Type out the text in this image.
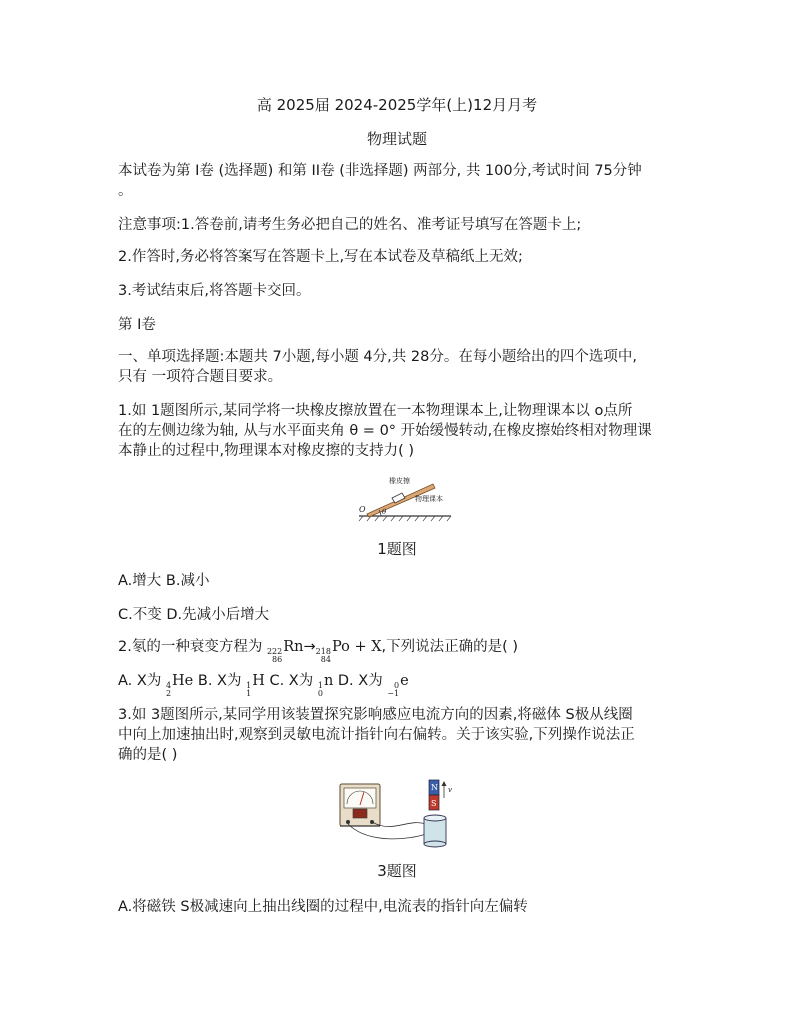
高 2025届 2024-2025学年(上)12月月考
物理试题
本试卷为第 I卷 (选择题) 和第 II卷 (非选择题) 两部分, 共 100分,考试时间 75分钟
。
注意事项:1.答卷前,请考生务必把自己的姓名、准考证号填写在答题卡上;
2.作答时,务必将答案写在答题卡上,写在本试卷及草稿纸上无效;
3.考试结束后,将答题卡交回。
第 I卷
一、单项选择题:本题共 7小题,每小题 4分,共 28分。在每小题给出的四个选项中,
只有 一项符合题目要求。
1.如 1题图所示,某同学将一块橡皮擦放置在一本物理课本上,让物理课本以 o点所
在的左侧边缘为轴, 从与水平面夹角 θ = 0° 开始缓慢转动,在橡皮擦始终相对物理课
本静止的过程中,物理课本对橡皮擦的支持力( )
O θ
橡皮擦
物理课本
1题图
A.增大 B.减小
C.不变 D.先减小后增大
2.氡的一种衰变方程为 222
86
Rn→ 218
84
Po + X,下列说法正确的是( )
A. X为 4
2
He B. X为 1
1
H C. X为 1
0
n D. X为 0
−1
e
3.如 3题图所示,某同学用该装置探究影响感应电流方向的因素,将磁体 S极从线圈
中向上加速抽出时,观察到灵敏电流计指针向右偏转。关于该实验,下列操作说法正
确的是( )
N
S
v
3题图
A.将磁铁 S极减速向上抽出线圈的过程中,电流表的指针向左偏转
